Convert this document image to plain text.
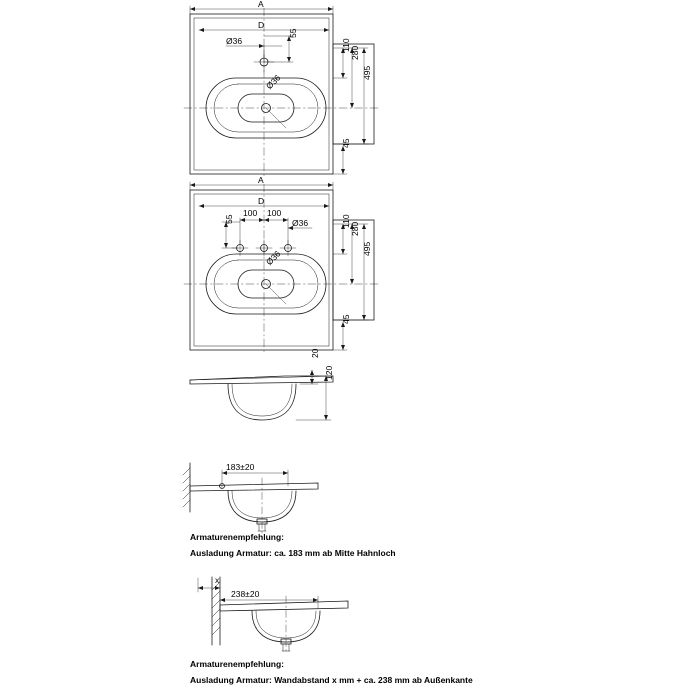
A
D
Ø36
55
Ø36
110
280
495
45
A
D
100 100
Ø36
55
Ø36
110
280
495
45
20
120
183±20
x
238±20
Armaturenempfehlung:
Ausladung Armatur: ca. 183 mm ab Mitte Hahnloch
Armaturenempfehlung:
Ausladung Armatur: Wandabstand x mm + ca. 238 mm ab Außenkante
